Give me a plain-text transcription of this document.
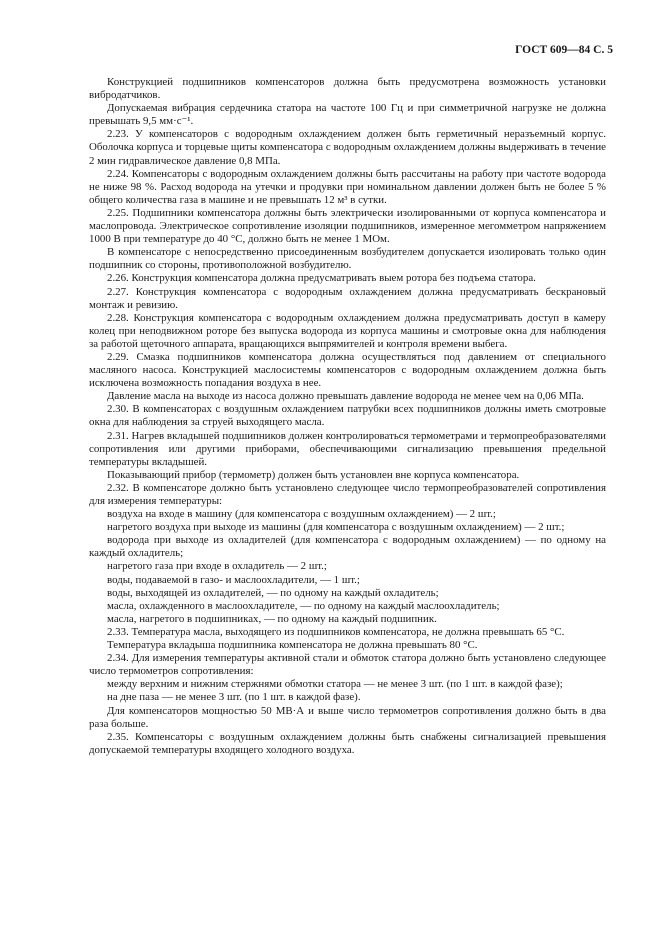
ГОСТ 609—84 С. 5

Конструкцией подшипников компенсаторов должна быть предусмотрена возможность установки вибродатчиков.

Допускаемая вибрация сердечника статора на частоте 100 Гц и при симметричной нагрузке не должна превышать 9,5 мм·с⁻¹.

2.23. У компенсаторов с водородным охлаждением должен быть герметичный неразъемный корпус. Оболочка корпуса и торцевые щиты компенсатора с водородным охлаждением должны выдерживать в течение 2 мин гидравлическое давление 0,8 МПа.

2.24. Компенсаторы с водородным охлаждением должны быть рассчитаны на работу при частоте водорода не ниже 98 %. Расход водорода на утечки и продувки при номинальном давлении должен быть не более 5 % общего количества газа в машине и не превышать 12 м³ в сутки.

2.25. Подшипники компенсатора должны быть электрически изолированными от корпуса компенсатора и маслопровода. Электрическое сопротивление изоляции подшипников, измеренное мегомметром напряжением 1000 В при температуре до 40 °С, должно быть не менее 1 МОм.

В компенсаторе с непосредственно присоединенным возбудителем допускается изолировать только один подшипник со стороны, противоположной возбудителю.

2.26. Конструкция компенсатора должна предусматривать выем ротора без подъема статора.

2.27. Конструкция компенсатора с водородным охлаждением должна предусматривать бескрановый монтаж и ревизию.

2.28. Конструкция компенсатора с водородным охлаждением должна предусматривать доступ в камеру колец при неподвижном роторе без выпуска водорода из корпуса машины и смотровые окна для наблюдения за работой щеточного аппарата, вращающихся выпрямителей и контроля времени выбега.

2.29. Смазка подшипников компенсатора должна осуществляться под давлением от специального масляного насоса. Конструкцией маслосистемы компенсаторов с водородным охлаждением должна быть исключена возможность попадания воздуха в нее.

Давление масла на выходе из насоса должно превышать давление водорода не менее чем на 0,06 МПа.

2.30. В компенсаторах с воздушным охлаждением патрубки всех подшипников должны иметь смотровые окна для наблюдения за струей выходящего масла.

2.31. Нагрев вкладышей подшипников должен контролироваться термометрами и термопреобразователями сопротивления или другими приборами, обеспечивающими сигнализацию превышения предельной температуры вкладышей.

Показывающий прибор (термометр) должен быть установлен вне корпуса компенсатора.

2.32. В компенсаторе должно быть установлено следующее число термопреобразователей сопротивления для измерения температуры:

воздуха на входе в машину (для компенсатора с воздушным охлаждением) — 2 шт.;

нагретого воздуха при выходе из машины (для компенсатора с воздушным охлаждением) — 2 шт.;

водорода при выходе из охладителей (для компенсатора с водородным охлаждением) — по одному на каждый охладитель;

нагретого газа при входе в охладитель — 2 шт.;

воды, подаваемой в газо- и маслоохладители, — 1 шт.;

воды, выходящей из охладителей, — по одному на каждый охладитель;

масла, охлажденного в маслоохладителе, — по одному на каждый маслоохладитель;

масла, нагретого в подшипниках, — по одному на каждый подшипник.

2.33. Температура масла, выходящего из подшипников компенсатора, не должна превышать 65 °С.

Температура вкладыша подшипника компенсатора не должна превышать 80 °С.

2.34. Для измерения температуры активной стали и обмоток статора должно быть установлено следующее число термометров сопротивления:

между верхним и нижним стержнями обмотки статора — не менее 3 шт. (по 1 шт. в каждой фазе);

на дне паза — не менее 3 шт. (по 1 шт. в каждой фазе).

Для компенсаторов мощностью 50 МВ·А и выше число термометров сопротивления должно быть в два раза больше.

2.35. Компенсаторы с воздушным охлаждением должны быть снабжены сигнализацией превышения допускаемой температуры входящего холодного воздуха.
